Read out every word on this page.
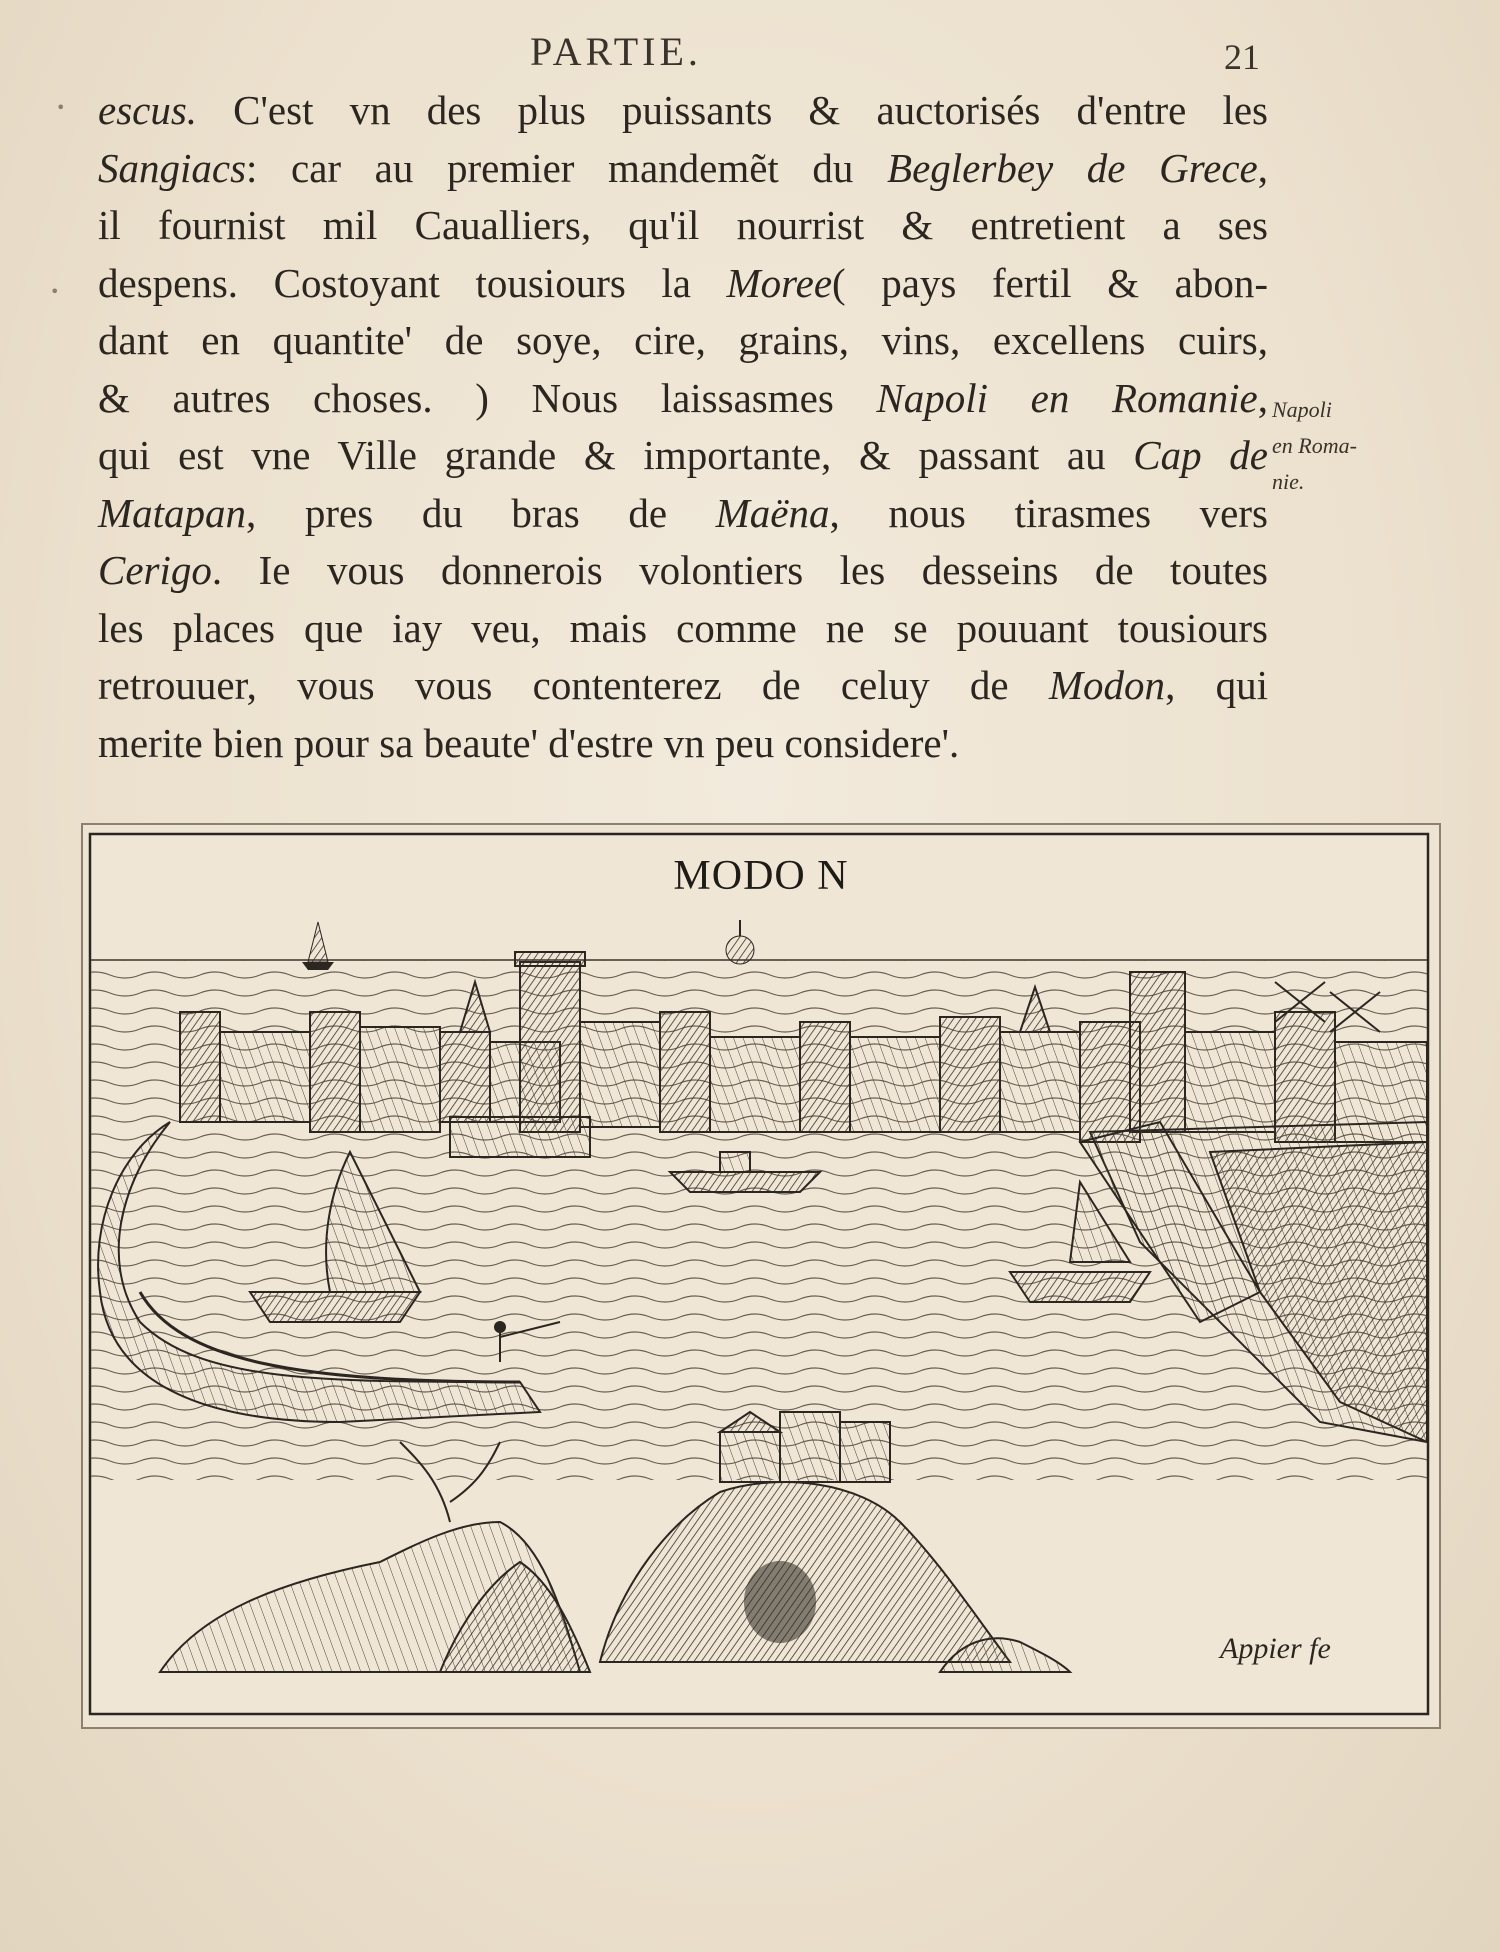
PARTIE.	21
•
•
escus. C'est vn des plus puissants & auctorisés d'entre les
Sangiacs: car au premier mandemẽt du Beglerbey de Grece,
il fournist mil Caualliers, qu'il nourrist & entretient a ses
despens. Costoyant tousiours la Moree( pays fertil & abon-
dant en quantite' de soye, cire, grains, vins, excellens cuirs,
& autres choses. ) Nous laissasmes Napoli en Romanie,
qui est vne Ville grande & importante, & passant au Cap de
Matapan, pres du bras de Maëna, nous tirasmes vers
Cerigo. Ie vous donnerois volontiers les desseins de toutes
les places que iay veu, mais comme ne se pouuant tousiours
retrouuer, vous vous contenterez de celuy de Modon, qui
merite bien pour sa beaute' d'estre vn peu considere'.
Napoli
en Roma-
nie.
MODO N
Appier fe
